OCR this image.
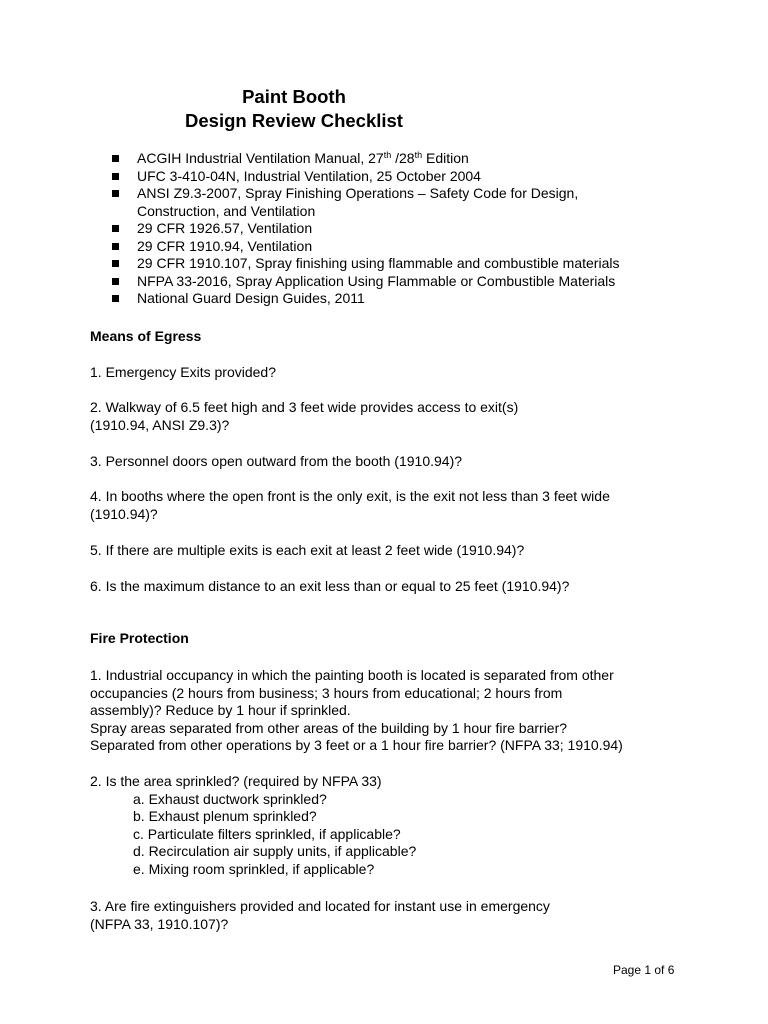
Paint Booth
Design Review Checklist
ACGIH Industrial Ventilation Manual, 27th /28th Edition
UFC 3-410-04N, Industrial Ventilation, 25 October 2004
ANSI Z9.3-2007, Spray Finishing Operations – Safety Code for Design,
Construction, and Ventilation
29 CFR 1926.57, Ventilation
29 CFR 1910.94, Ventilation
29 CFR 1910.107, Spray finishing using flammable and combustible materials
NFPA 33-2016, Spray Application Using Flammable or Combustible Materials
National Guard Design Guides, 2011
Means of Egress
1. Emergency Exits provided?
2. Walkway of 6.5 feet high and 3 feet wide provides access to exit(s)
(1910.94, ANSI Z9.3)?
3. Personnel doors open outward from the booth (1910.94)?
4. In booths where the open front is the only exit, is the exit not less than 3 feet wide
(1910.94)?
5. If there are multiple exits is each exit at least 2 feet wide (1910.94)?
6. Is the maximum distance to an exit less than or equal to 25 feet (1910.94)?
Fire Protection
1. Industrial occupancy in which the painting booth is located is separated from other
occupancies (2 hours from business; 3 hours from educational; 2 hours from
assembly)? Reduce by 1 hour if sprinkled.
Spray areas separated from other areas of the building by 1 hour fire barrier?
Separated from other operations by 3 feet or a 1 hour fire barrier? (NFPA 33; 1910.94)
2. Is the area sprinkled? (required by NFPA 33)
a. Exhaust ductwork sprinkled?
b. Exhaust plenum sprinkled?
c. Particulate filters sprinkled, if applicable?
d. Recirculation air supply units, if applicable?
e. Mixing room sprinkled, if applicable?
3. Are fire extinguishers provided and located for instant use in emergency
(NFPA 33, 1910.107)?
Page 1 of 6
